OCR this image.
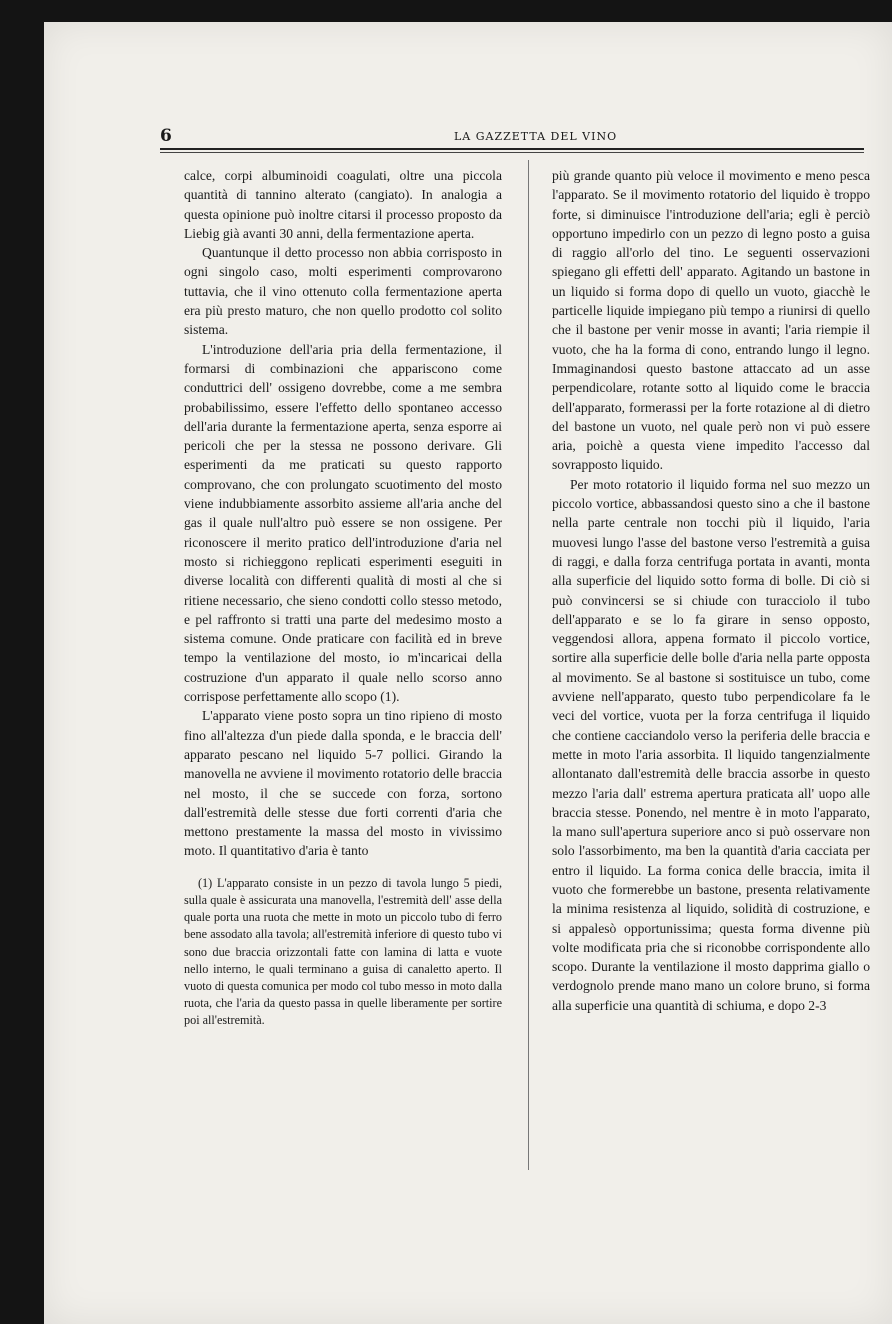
6	LA GAZZETTA DEL VINO

calce, corpi albuminoidi coagulati, oltre una piccola quantità di tannino alterato (cangiato). In analogia a questa opinione può inoltre citarsi il processo proposto da Liebig già avanti 30 anni, della fermentazione aperta.

Quantunque il detto processo non abbia corrisposto in ogni singolo caso, molti esperimenti comprovarono tuttavia, che il vino ottenuto colla fermentazione aperta era più presto maturo, che non quello prodotto col solito sistema.

L'introduzione dell'aria pria della fermentazione, il formarsi di combinazioni che appariscono come conduttrici dell' ossigeno dovrebbe, come a me sembra probabilissimo, essere l'effetto dello spontaneo accesso dell'aria durante la fermentazione aperta, senza esporre ai pericoli che per la stessa ne possono derivare. Gli esperimenti da me praticati su questo rapporto comprovano, che con prolungato scuotimento del mosto viene indubbiamente assorbito assieme all'aria anche del gas il quale null'altro può essere se non ossigene. Per riconoscere il merito pratico dell'introduzione d'aria nel mosto si richieggono replicati esperimenti eseguiti in diverse località con differenti qualità di mosti al che si ritiene necessario, che sieno condotti collo stesso metodo, e pel raffronto si tratti una parte del medesimo mosto a sistema comune. Onde praticare con facilità ed in breve tempo la ventilazione del mosto, io m'incaricai della costruzione d'un apparato il quale nello scorso anno corrispose perfettamente allo scopo (1).

L'apparato viene posto sopra un tino ripieno di mosto fino all'altezza d'un piede dalla sponda, e le braccia dell' apparato pescano nel liquido 5-7 pollici. Girando la manovella ne avviene il movimento rotatorio delle braccia nel mosto, il che se succede con forza, sortono dall'estremità delle stesse due forti correnti d'aria che mettono prestamente la massa del mosto in vivissimo moto. Il quantitativo d'aria è tanto

(1) L'apparato consiste in un pezzo di tavola lungo 5 piedi, sulla quale è assicurata una manovella, l'estremità dell' asse della quale porta una ruota che mette in moto un piccolo tubo di ferro bene assodato alla tavola; all'estremità inferiore di questo tubo vi sono due braccia orizzontali fatte con lamina di latta e vuote nello interno, le quali terminano a guisa di canaletto aperto. Il vuoto di questa comunica per modo col tubo messo in moto dalla ruota, che l'aria da questo passa in quelle liberamente per sortire poi all'estremità.

più grande quanto più veloce il movimento e meno pesca l'apparato. Se il movimento rotatorio del liquido è troppo forte, si diminuisce l'introduzione dell'aria; egli è perciò opportuno impedirlo con un pezzo di legno posto a guisa di raggio all'orlo del tino. Le seguenti osservazioni spiegano gli effetti dell' apparato. Agitando un bastone in un liquido si forma dopo di quello un vuoto, giacchè le particelle liquide impiegano più tempo a riunirsi di quello che il bastone per venir mosse in avanti; l'aria riempie il vuoto, che ha la forma di cono, entrando lungo il legno. Immaginandosi questo bastone attaccato ad un asse perpendicolare, rotante sotto al liquido come le braccia dell'apparato, formerassi per la forte rotazione al di dietro del bastone un vuoto, nel quale però non vi può essere aria, poichè a questa viene impedito l'accesso dal sovrapposto liquido.

Per moto rotatorio il liquido forma nel suo mezzo un piccolo vortice, abbassandosi questo sino a che il bastone nella parte centrale non tocchi più il liquido, l'aria muovesi lungo l'asse del bastone verso l'estremità a guisa di raggi, e dalla forza centrifuga portata in avanti, monta alla superficie del liquido sotto forma di bolle. Di ciò si può convincersi se si chiude con turacciolo il tubo dell'apparato e se lo fa girare in senso opposto, veggendosi allora, appena formato il piccolo vortice, sortire alla superficie delle bolle d'aria nella parte opposta al movimento. Se al bastone si sostituisce un tubo, come avviene nell'apparato, questo tubo perpendicolare fa le veci del vortice, vuota per la forza centrifuga il liquido che contiene cacciandolo verso la periferia delle braccia e mette in moto l'aria assorbita. Il liquido tangenzialmente allontanato dall'estremità delle braccia assorbe in questo mezzo l'aria dall' estrema apertura praticata all' uopo alle braccia stesse. Ponendo, nel mentre è in moto l'apparato, la mano sull'apertura superiore anco si può osservare non solo l'assorbimento, ma ben la quantità d'aria cacciata per entro il liquido. La forma conica delle braccia, imita il vuoto che formerebbe un bastone, presenta relativamente la minima resistenza al liquido, solidità di costruzione, e si appalesò opportunissima; questa forma divenne più volte modificata pria che si riconobbe corrispondente allo scopo. Durante la ventilazione il mosto dapprima giallo o verdognolo prende mano mano un colore bruno, si forma alla superficie una quantità di schiuma, e dopo 2-3
